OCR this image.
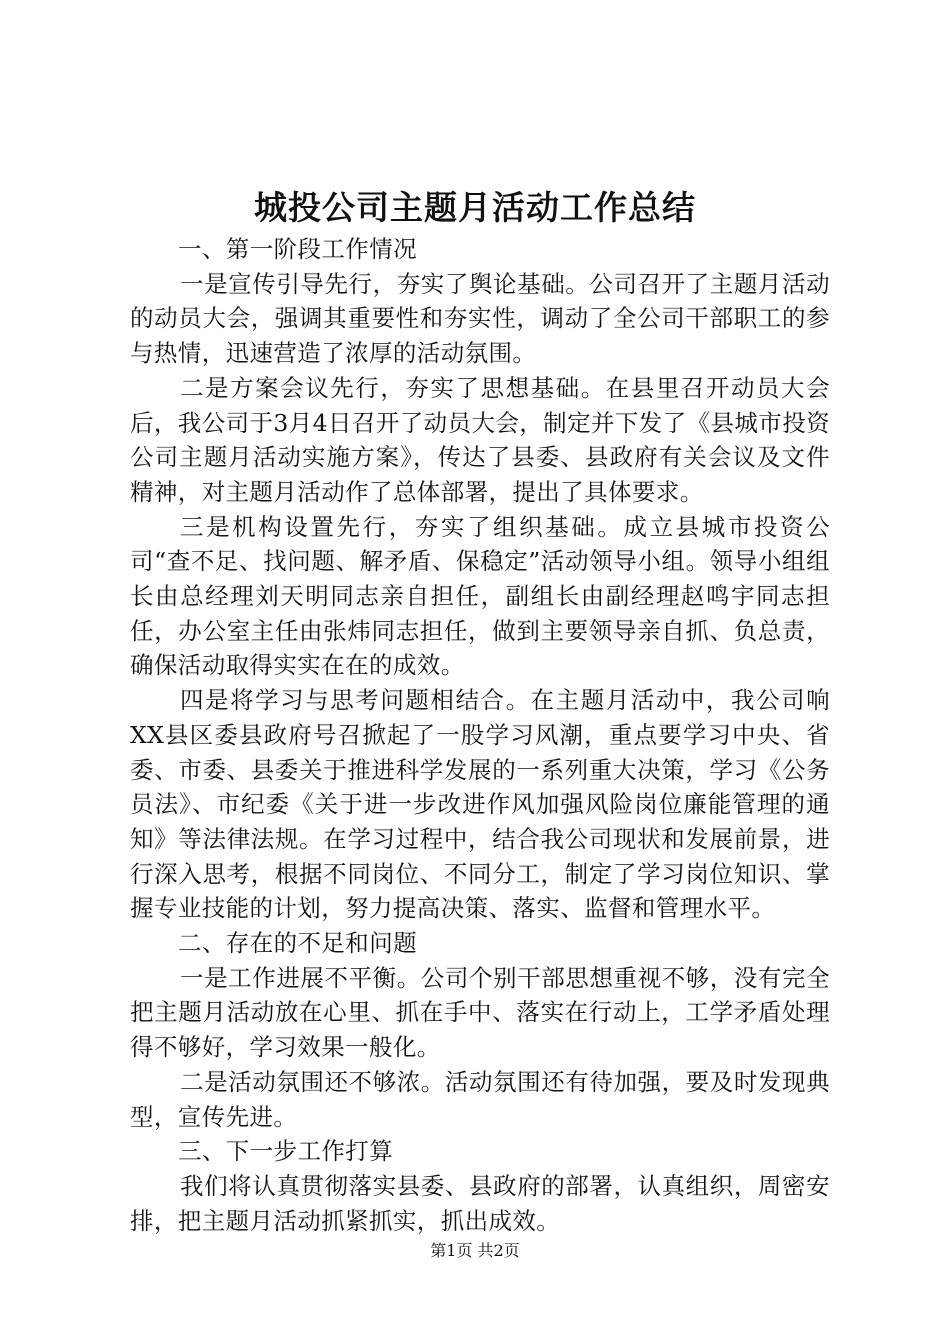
城投公司主题月活动工作总结

一、第一阶段工作情况

一是宣传引导先行，夯实了舆论基础。公司召开了主题月活动的动员大会，强调其重要性和夯实性，调动了全公司干部职工的参与热情，迅速营造了浓厚的活动氛围。

二是方案会议先行，夯实了思想基础。在县里召开动员大会后，我公司于3月4日召开了动员大会，制定并下发了《县城市投资公司主题月活动实施方案》，传达了县委、县政府有关会议及文件精神，对主题月活动作了总体部署，提出了具体要求。

三是机构设置先行，夯实了组织基础。成立县城市投资公司“查不足、找问题、解矛盾、保稳定”活动领导小组。领导小组组长由总经理刘天明同志亲自担任，副组长由副经理赵鸣宇同志担任，办公室主任由张炜同志担任，做到主要领导亲自抓、负总责，确保活动取得实实在在的成效。

四是将学习与思考问题相结合。在主题月活动中，我公司响XX县区委县政府号召掀起了一股学习风潮，重点要学习中央、省委、市委、县委关于推进科学发展的一系列重大决策，学习《公务员法》、市纪委《关于进一步改进作风加强风险岗位廉能管理的通知》等法律法规。在学习过程中，结合我公司现状和发展前景，进行深入思考，根据不同岗位、不同分工，制定了学习岗位知识、掌握专业技能的计划，努力提高决策、落实、监督和管理水平。

二、存在的不足和问题

一是工作进展不平衡。公司个别干部思想重视不够，没有完全把主题月活动放在心里、抓在手中、落实在行动上，工学矛盾处理得不够好，学习效果一般化。

二是活动氛围还不够浓。活动氛围还有待加强，要及时发现典型，宣传先进。

三、下一步工作打算

我们将认真贯彻落实县委、县政府的部署，认真组织，周密安排，把主题月活动抓紧抓实，抓出成效。

第1页 共2页
